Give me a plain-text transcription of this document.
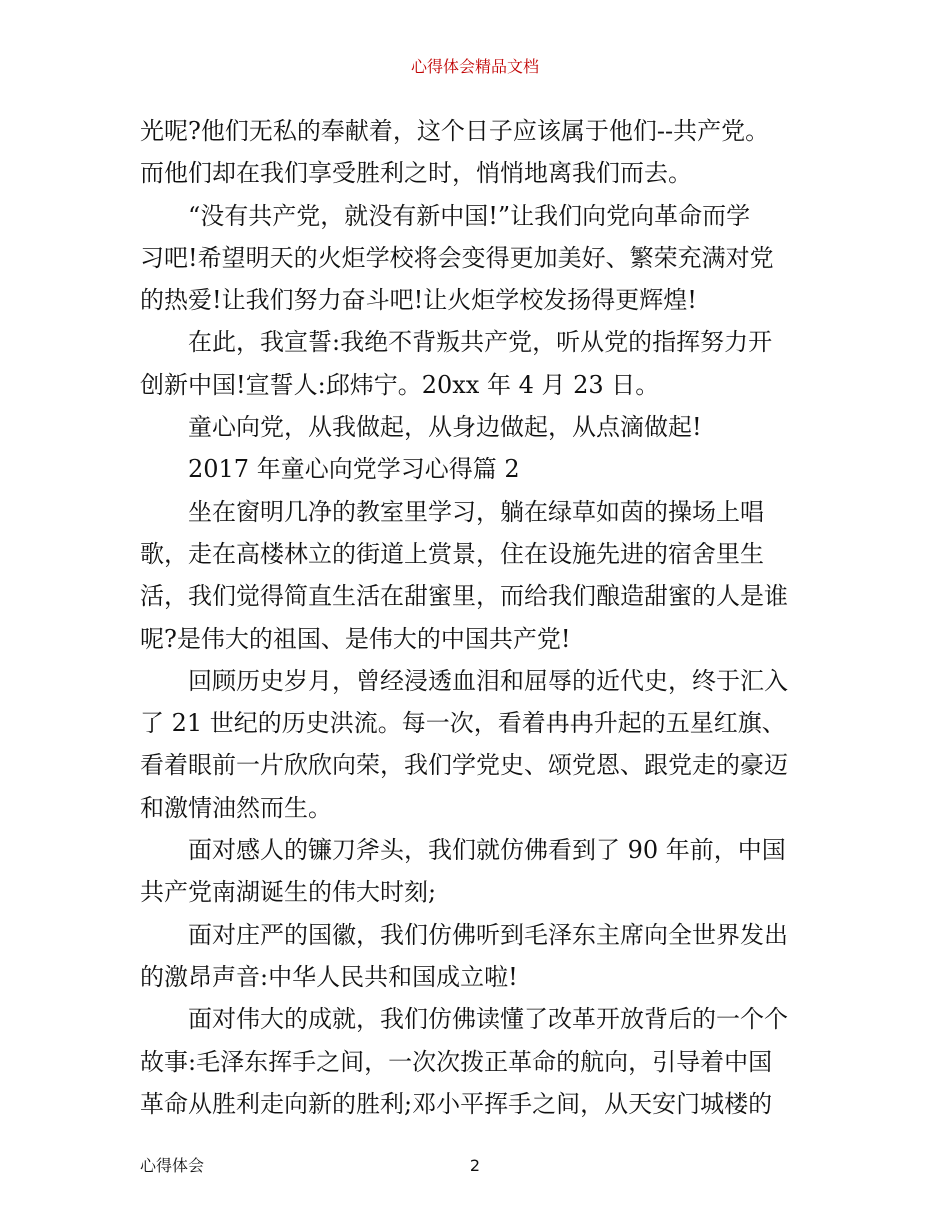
心得体会精品文档

光呢?他们无私的奉献着，这个日子应该属于他们--共产党。

而他们却在我们享受胜利之时，悄悄地离我们而去。

“没有共产党，就没有新中国!”让我们向党向革命而学

习吧!希望明天的火炬学校将会变得更加美好、繁荣充满对党

的热爱!让我们努力奋斗吧!让火炬学校发扬得更辉煌!

在此，我宣誓:我绝不背叛共产党，听从党的指挥努力开

创新中国!宣誓人:邱炜宁。20xx 年 4 月 23 日。

童心向党，从我做起，从身边做起，从点滴做起!

2017 年童心向党学习心得篇 2

坐在窗明几净的教室里学习，躺在绿草如茵的操场上唱

歌，走在高楼林立的街道上赏景，住在设施先进的宿舍里生

活，我们觉得简直生活在甜蜜里，而给我们酿造甜蜜的人是谁

呢?是伟大的祖国、是伟大的中国共产党!

回顾历史岁月，曾经浸透血泪和屈辱的近代史，终于汇入

了 21 世纪的历史洪流。每一次，看着冉冉升起的五星红旗、

看着眼前一片欣欣向荣，我们学党史、颂党恩、跟党走的豪迈

和激情油然而生。

面对感人的镰刀斧头，我们就仿佛看到了 90 年前，中国

共产党南湖诞生的伟大时刻;

面对庄严的国徽，我们仿佛听到毛泽东主席向全世界发出

的激昂声音:中华人民共和国成立啦!

面对伟大的成就，我们仿佛读懂了改革开放背后的一个个

故事:毛泽东挥手之间，一次次拨正革命的航向，引导着中国

革命从胜利走向新的胜利;邓小平挥手之间，从天安门城楼的

心得体会	2
